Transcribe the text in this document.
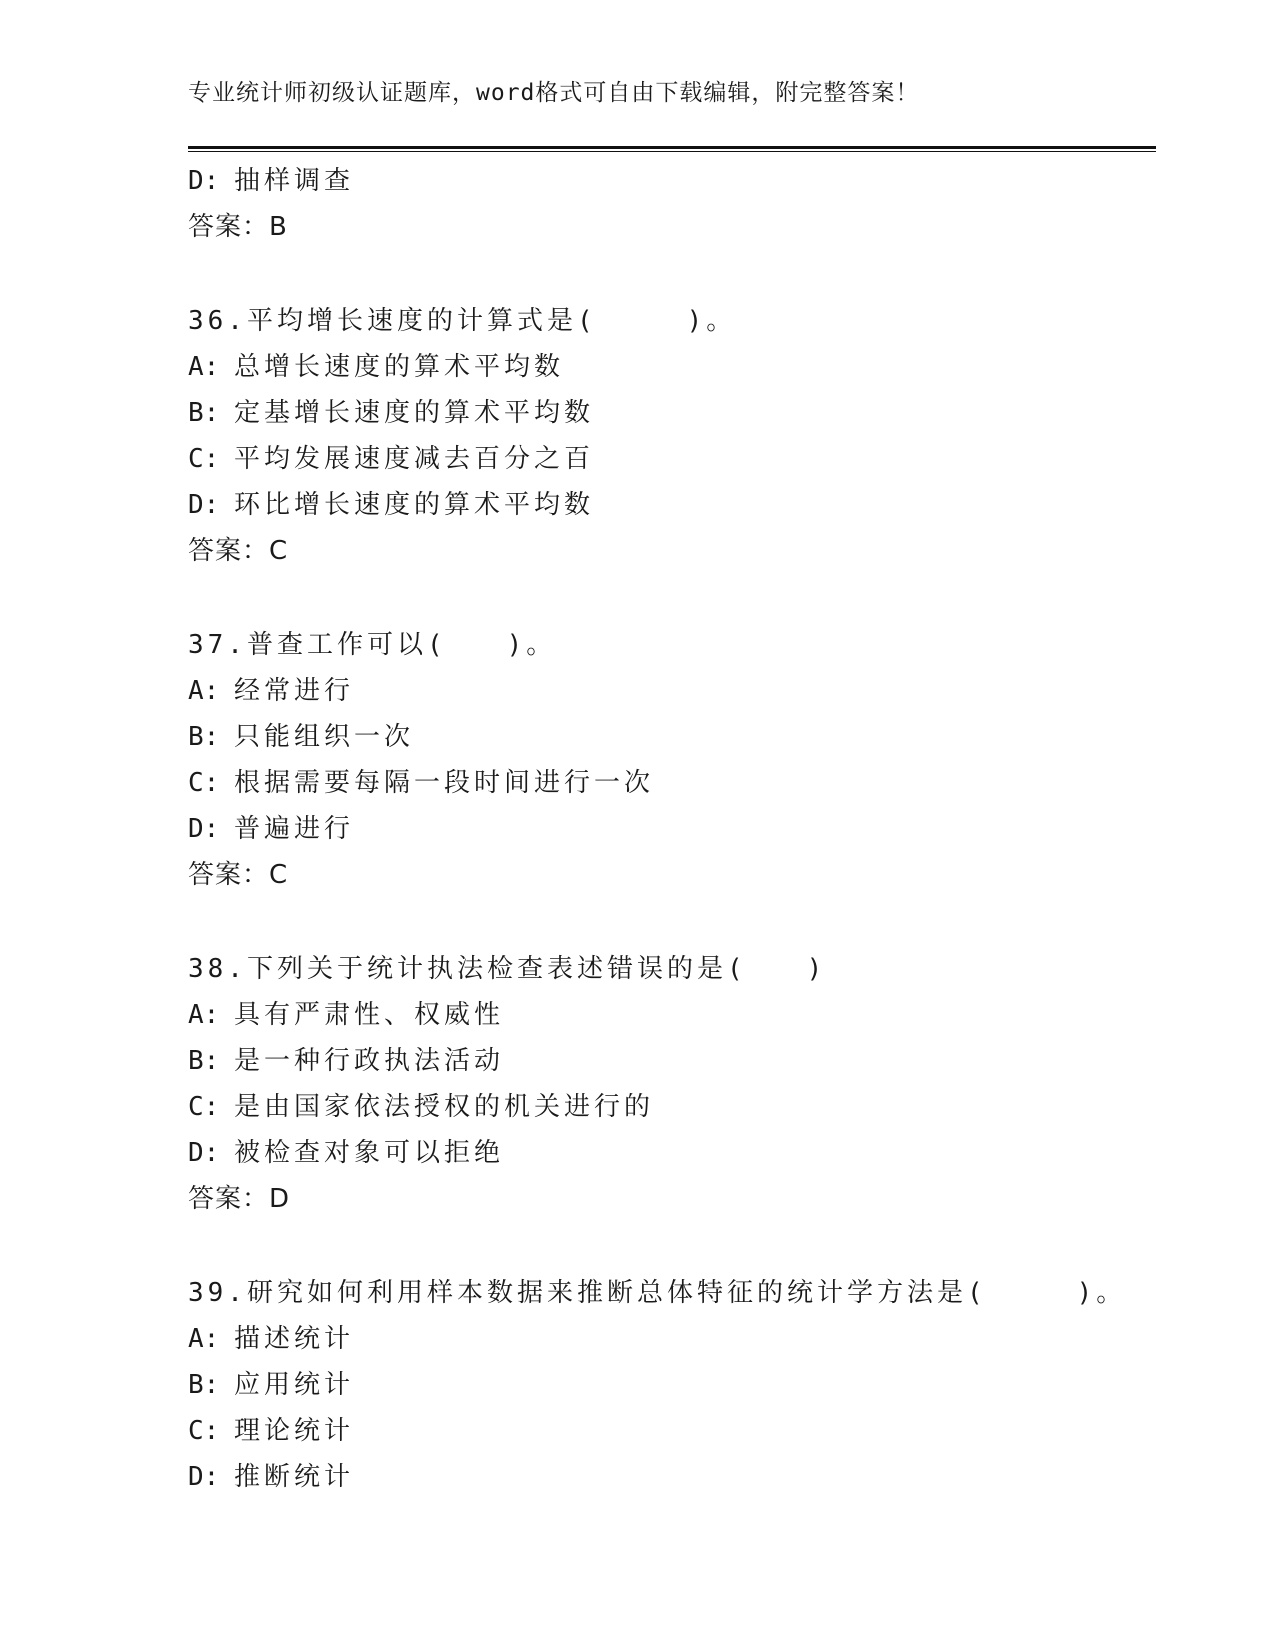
专业统计师初级认证题库，word格式可自由下载编辑，附完整答案！
D: 抽样调查
答案：B
36.平均增长速度的计算式是(　　　)。
A: 总增长速度的算术平均数
B: 定基增长速度的算术平均数
C: 平均发展速度减去百分之百
D: 环比增长速度的算术平均数
答案：C
37.普查工作可以(　　)。
A: 经常进行
B: 只能组织一次
C: 根据需要每隔一段时间进行一次
D: 普遍进行
答案：C
38.下列关于统计执法检查表述错误的是(　　)
A: 具有严肃性、权威性
B: 是一种行政执法活动
C: 是由国家依法授权的机关进行的
D: 被检查对象可以拒绝
答案：D
39.研究如何利用样本数据来推断总体特征的统计学方法是(　　　)。
A: 描述统计
B: 应用统计
C: 理论统计
D: 推断统计
